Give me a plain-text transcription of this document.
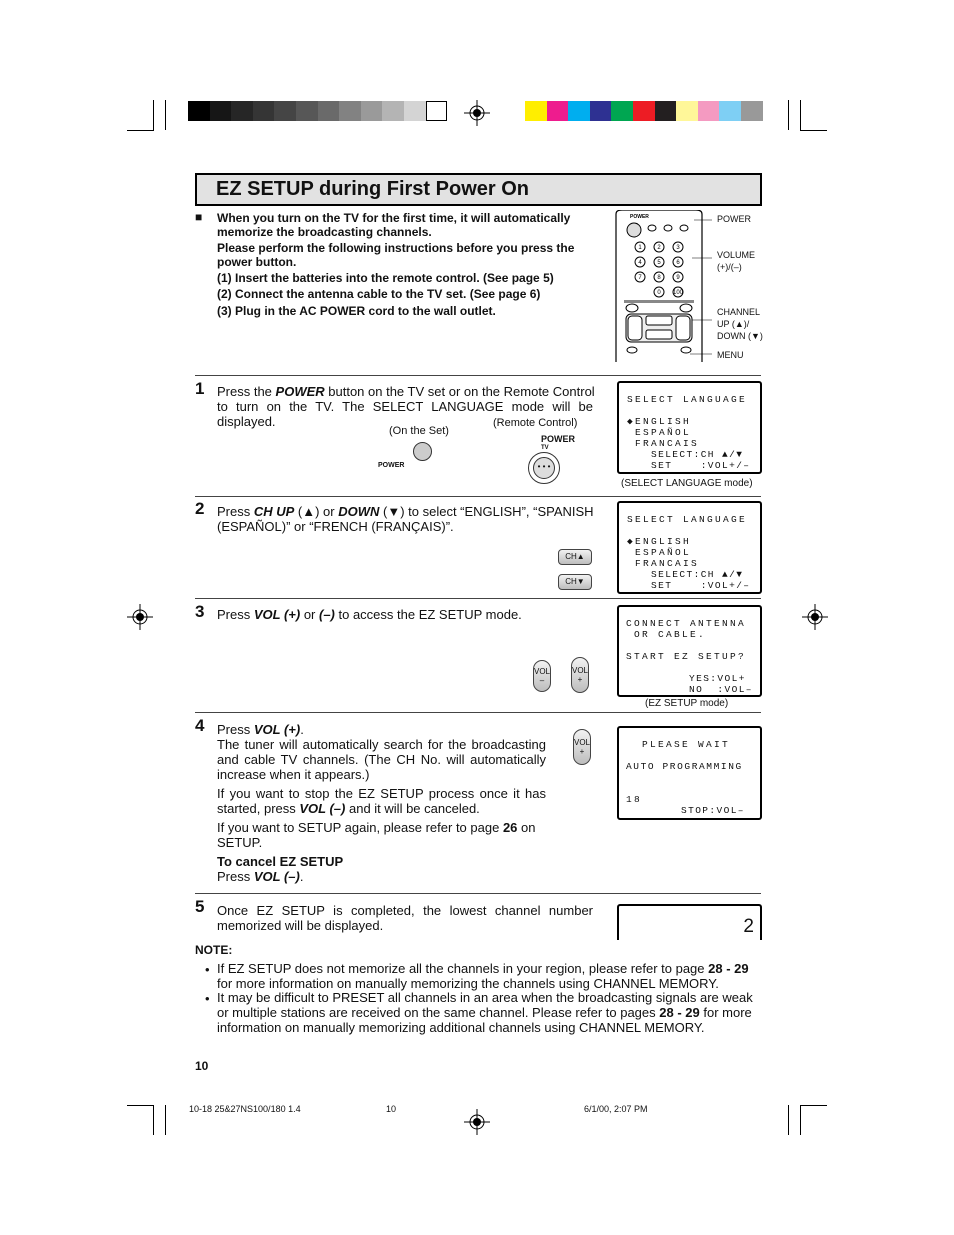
EZ SETUP during First Power On
■ When you turn on the TV for the first time, it will automatically
memorize the broadcasting channels.
Please perform the following instructions before you press the
power button.
(1) Insert the batteries into the remote control. (See page 5)
(2) Connect the antenna cable to the TV set. (See page 6)
(3) Plug in the AC POWER cord to the wall outlet.
POWER
1	2	3
4	5	6
7	8	9
0 100
POWER
VOLUME
(+)/(–)
CHANNEL
UP (▲)/
DOWN (▼)
MENU
1 Press the POWER button on the TV set or on the Remote Control
to turn on the TV. The SELECT LANGUAGE mode will be
displayed.
(On the Set)
(Remote Control)
POWER
POWER
TV
• • •
SELECT LANGUAGE
◆ENGLISH
ESPAÑOL
FRANCAIS
SELECT:CH ▲/▼
SET    :VOL+/–
(SELECT LANGUAGE mode)
2 Press CH UP (▲) or DOWN (▼) to select “ENGLISH”, “SPANISH
(ESPAÑOL)” or “FRENCH (FRANÇAIS)”.
CH▲
CH▼
SELECT LANGUAGE
◆ENGLISH
ESPAÑOL
FRANCAIS
SELECT:CH ▲/▼
SET    :VOL+/–
3 Press VOL (+) or (–) to access the EZ SETUP mode.
VOL –
VOL +
CONNECT ANTENNA
OR CABLE.
START EZ SETUP?
YES:VOL+
NO  :VOL–
(EZ SETUP mode)
4 Press VOL (+).
The tuner will automatically search for the broadcasting
and cable TV channels. (The CH No. will automatically
increase when it appears.)
If you want to stop the EZ SETUP process once it has
started, press VOL (–) and it will be canceled.
If you want to SETUP again, please refer to page 26 on
SETUP.
To cancel EZ SETUP
Press VOL (–).
VOL +
PLEASE WAIT
AUTO PROGRAMMING
18
STOP:VOL–
5 Once EZ SETUP is completed, the lowest channel number
memorized will be displayed.	2
NOTE:
• If EZ SETUP does not memorize all the channels in your region, please refer to page 28 - 29
for more information on manually memorizing the channels using CHANNEL MEMORY.
• It may be difficult to PRESET all channels in an area when the broadcasting signals are weak
or multiple stations are received on the same channel. Please refer to pages 28 - 29 for more
information on manually memorizing additional channels using CHANNEL MEMORY.
10
10-18 25&27NS100/180 1.4	10	6/1/00, 2:07 PM
